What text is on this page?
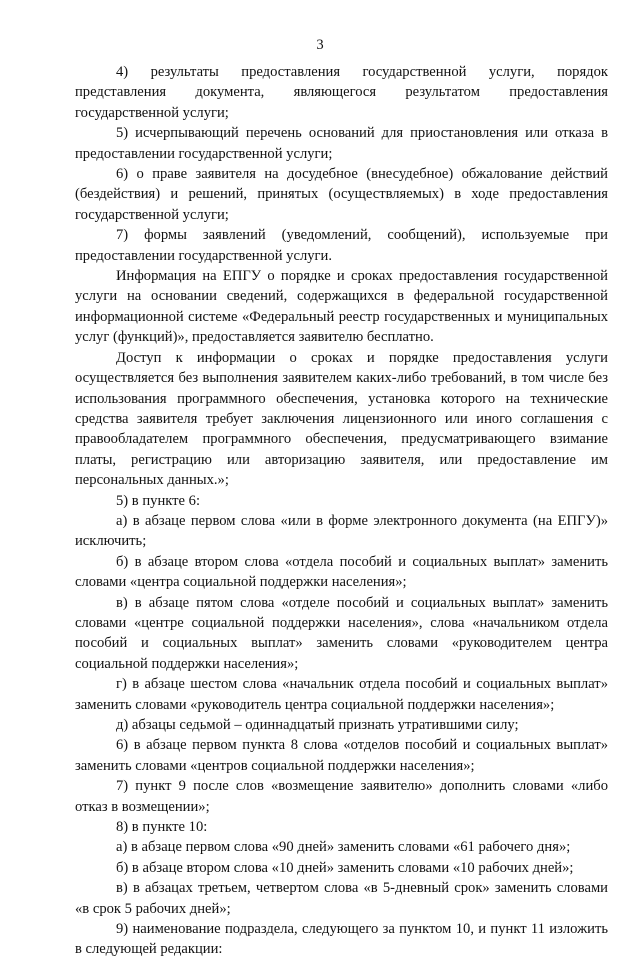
3

4) результаты предоставления государственной услуги, порядок представления документа, являющегося результатом предоставления государственной услуги;

5) исчерпывающий перечень оснований для приостановления или отказа в предоставлении государственной услуги;

6) о праве заявителя на досудебное (внесудебное) обжалование действий (бездействия) и решений, принятых (осуществляемых) в ходе предоставления государственной услуги;

7) формы заявлений (уведомлений, сообщений), используемые при предоставлении государственной услуги.

Информация на ЕПГУ о порядке и сроках предоставления государственной услуги на основании сведений, содержащихся в федеральной государственной информационной системе «Федеральный реестр государственных и муниципальных услуг (функций)», предоставляется заявителю бесплатно.

Доступ к информации о сроках и порядке предоставления услуги осуществляется без выполнения заявителем каких-либо требований, в том числе без использования программного обеспечения, установка которого на технические средства заявителя требует заключения лицензионного или иного соглашения с правообладателем программного обеспечения, предусматривающего взимание платы, регистрацию или авторизацию заявителя, или предоставление им персональных данных.»;

5) в пункте 6:

а) в абзаце первом слова «или в форме электронного документа (на ЕПГУ)» исключить;

б) в абзаце втором слова «отдела пособий и социальных выплат» заменить словами «центра социальной поддержки населения»;

в) в абзаце пятом слова «отделе пособий и социальных выплат» заменить словами «центре социальной поддержки населения», слова «начальником отдела пособий и социальных выплат» заменить словами «руководителем центра социальной поддержки населения»;

г) в абзаце шестом слова «начальник отдела пособий и социальных выплат» заменить словами «руководитель центра социальной поддержки населения»;

д) абзацы седьмой – одиннадцатый признать утратившими силу;

6) в абзаце первом пункта 8 слова «отделов пособий и социальных выплат» заменить словами «центров социальной поддержки населения»;

7) пункт 9 после слов «возмещение заявителю» дополнить словами «либо отказ в возмещении»;

8) в пункте 10:

а) в абзаце первом слова «90 дней» заменить словами «61 рабочего дня»;

б) в абзаце втором слова «10 дней» заменить словами «10 рабочих дней»;

в) в абзацах третьем, четвертом слова «в 5-дневный срок» заменить словами «в срок 5 рабочих дней»;

9) наименование подраздела, следующего за пунктом 10, и пункт 11 изложить в следующей редакции:
